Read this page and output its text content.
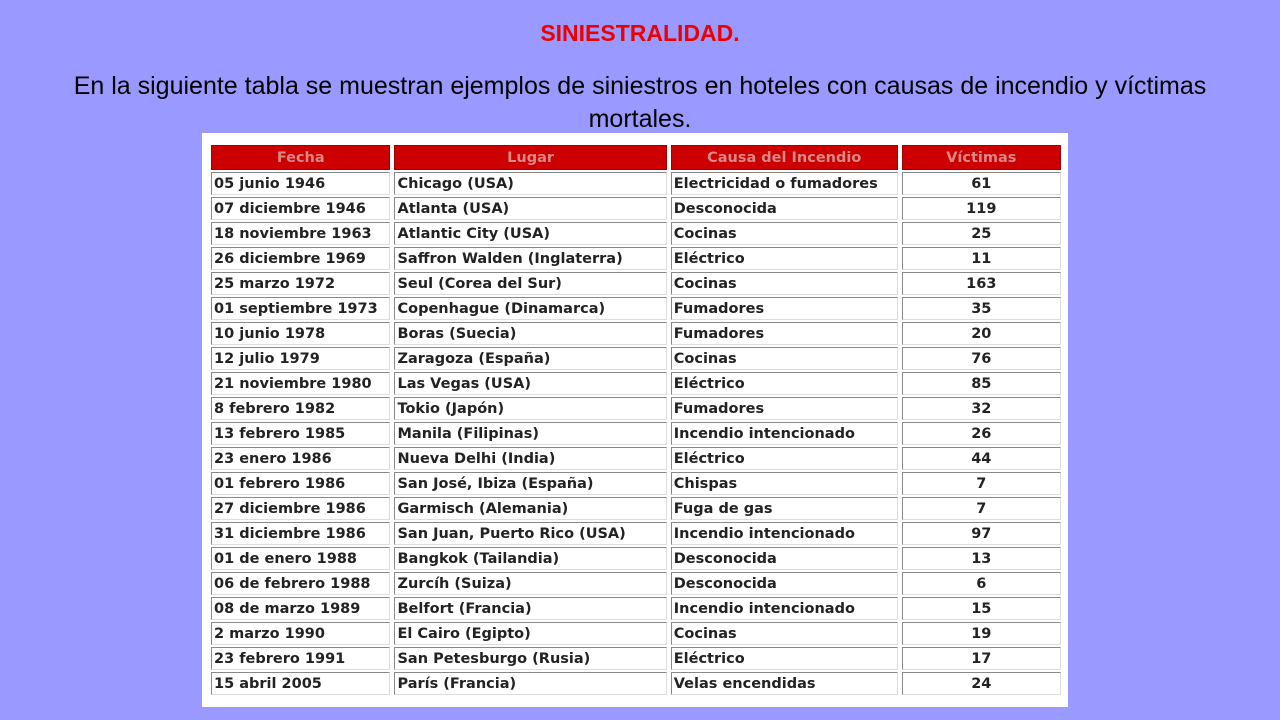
SINIESTRALIDAD.
En la siguiente tabla se muestran ejemplos de siniestros en hoteles con causas de incendio y víctimas mortales.
Fecha	Lugar	Causa del Incendio	Víctimas
05 junio 1946	Chicago (USA)	Electricidad o fumadores	61
07 diciembre 1946	Atlanta (USA)	Desconocida	119
18 noviembre 1963	Atlantic City (USA)	Cocinas	25
26 diciembre 1969	Saffron Walden (Inglaterra)	Eléctrico	11
25 marzo 1972	Seul (Corea del Sur)	Cocinas	163
01 septiembre 1973	Copenhague (Dinamarca)	Fumadores	35
10 junio 1978	Boras (Suecia)	Fumadores	20
12 julio 1979	Zaragoza (España)	Cocinas	76
21 noviembre 1980	Las Vegas (USA)	Eléctrico	85
8 febrero 1982	Tokio (Japón)	Fumadores	32
13 febrero 1985	Manila (Filipinas)	Incendio intencionado	26
23 enero 1986	Nueva Delhi (India)	Eléctrico	44
01 febrero 1986	San José, Ibiza (España)	Chispas	7
27 diciembre 1986	Garmisch (Alemania)	Fuga de gas	7
31 diciembre 1986	San Juan, Puerto Rico (USA)	Incendio intencionado	97
01 de enero 1988	Bangkok (Tailandia)	Desconocida	13
06 de febrero 1988	Zurcíh (Suiza)	Desconocida	6
08 de marzo 1989	Belfort (Francia)	Incendio intencionado	15
2 marzo 1990	El Cairo (Egipto)	Cocinas	19
23 febrero 1991	San Petesburgo (Rusia)	Eléctrico	17
15 abril 2005	París (Francia)	Velas encendidas	24
